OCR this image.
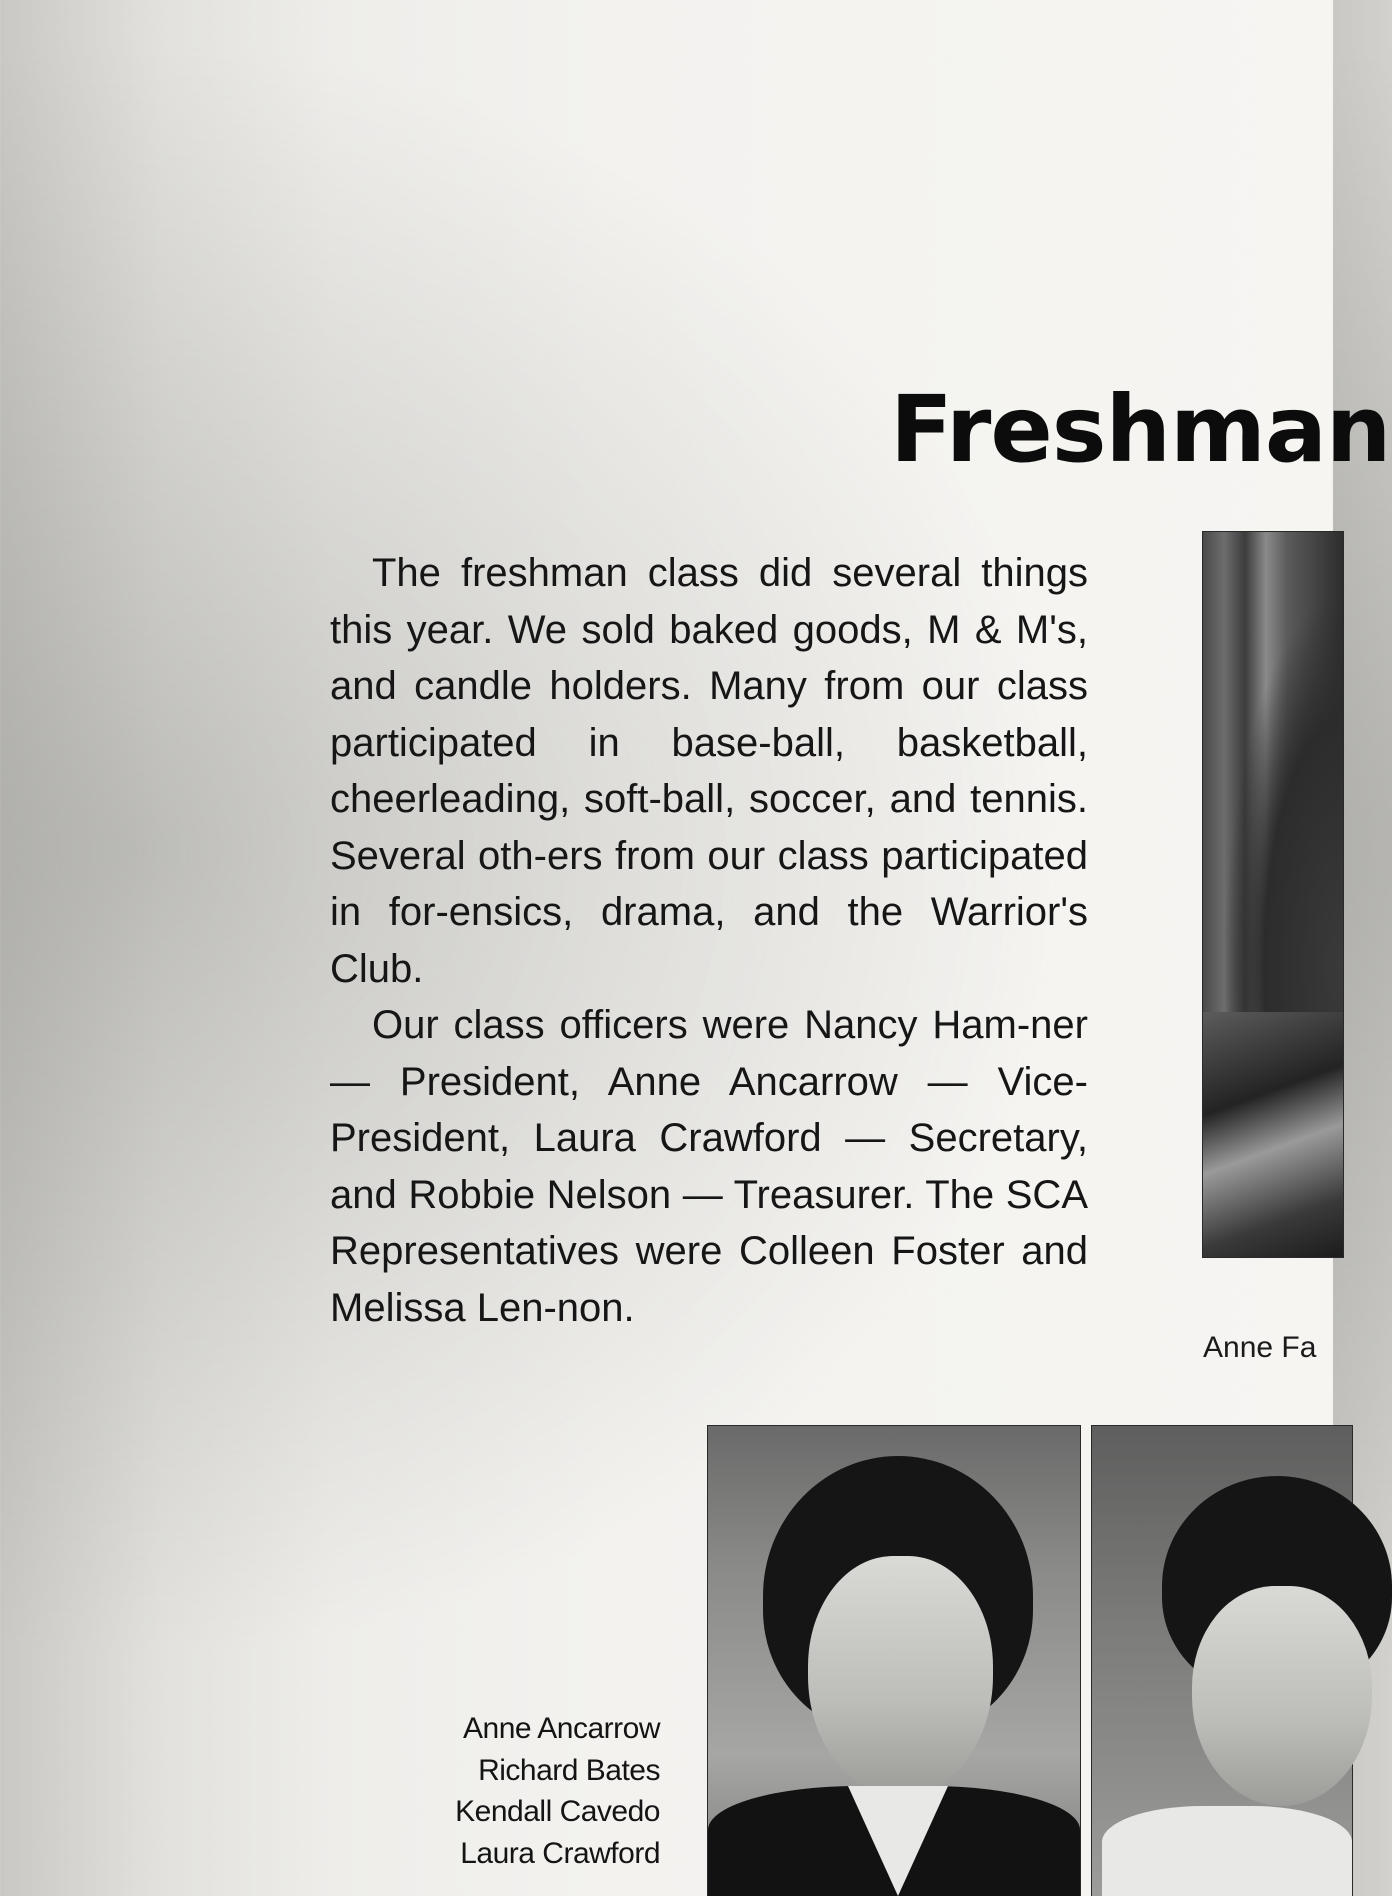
Freshman

The freshman class did several things this year. We sold baked goods, M & M's, and candle holders. Many from our class participated in base-ball, basketball, cheerleading, soft-ball, soccer, and tennis. Several oth-ers from our class participated in for-ensics, drama, and the Warrior's Club.

Our class officers were Nancy Ham-ner — President, Anne Ancarrow — Vice-President, Laura Crawford — Secretary, and Robbie Nelson — Treasurer. The SCA Representatives were Colleen Foster and Melissa Len-non.

Anne Fa
Anne Ancarrow
Richard Bates
Kendall Cavedo
Laura Crawford
